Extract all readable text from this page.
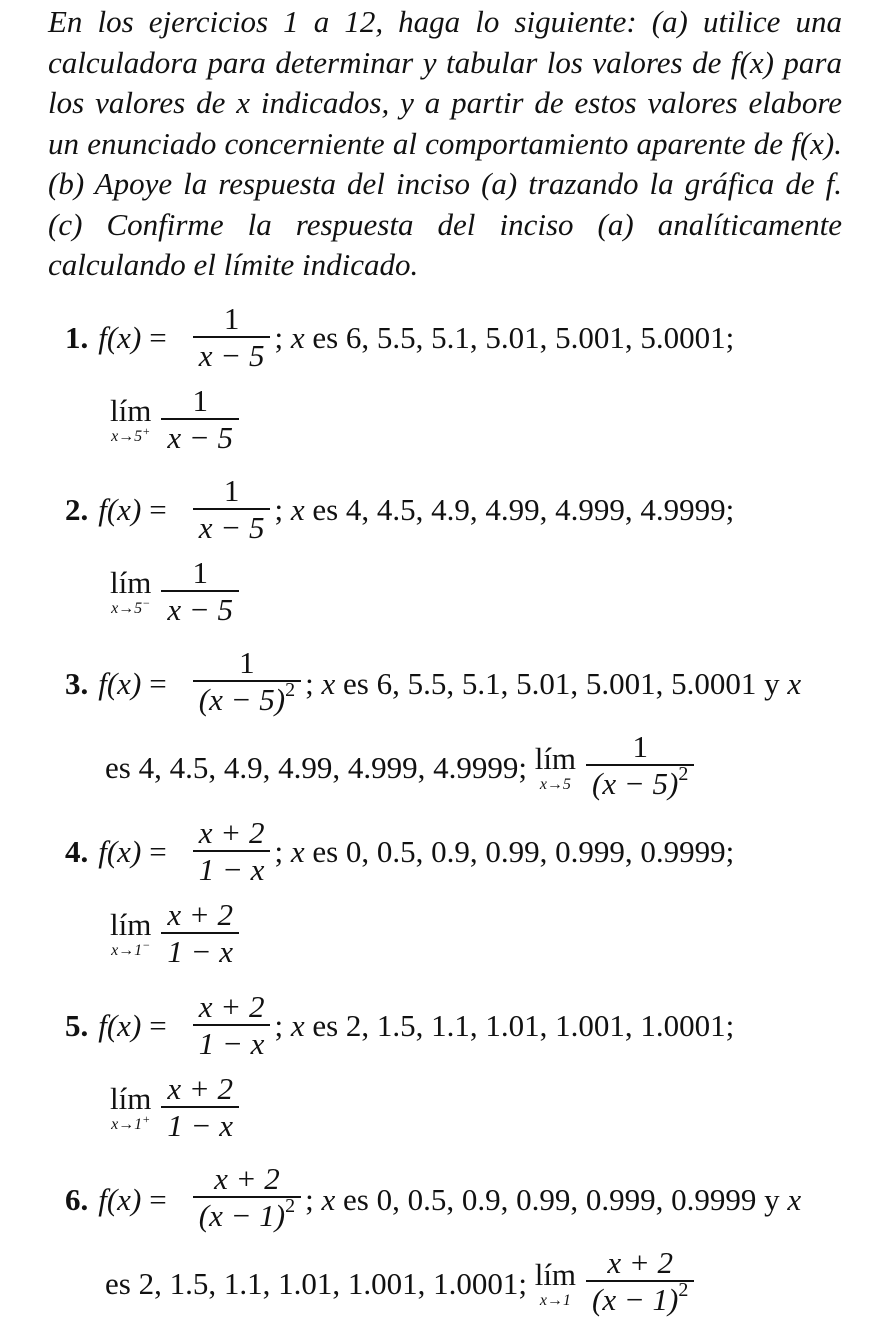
En los ejercicios 1 a 12, haga lo siguiente: (a) utilice una calculadora para determinar y tabular los valores de f(x) para los valores de x indicados, y a partir de estos valores elabore un enunciado concerniente al comportamiento aparente de f(x). (b) Apoye la respuesta del inciso (a) trazando la gráfica de f. (c) Confirme la respuesta del inciso (a) analíticamente calculando el límite indicado.
1. $f(x) = \frac{1}{x - 5}$ ; x
es
6, 5.5, 5.1, 5.01, 5.001, 5.0001;
lím
$x\to 5^+ \frac{1}{x - 5}$
2. $f(x) = \frac{1}{x - 5}$ ; x
es
4, 4.5, 4.9, 4.99, 4.999, 4.9999;
lím
$x\to 5^- \frac{1}{x - 5}$
3. $f(x) = \frac{1}{(x - 5)^2}$ ; x
es
6, 5.5, 5.1, 5.01, 5.001, 5.0001
y
x
es
4, 4.5, 4.9, 4.99, 4.999, 4.9999;
lím
$x\to 5 \frac{1}{(x - 5)^2}$
4. $f(x) = \frac{x + 2}{1 - x}$ ; x
es
0, 0.5, 0.9, 0.99, 0.999, 0.9999;
lím
$x\to 1^- \frac{x + 2}{1 - x}$
5. $f(x) = \frac{x + 2}{1 - x}$ ; x
es
2, 1.5, 1.1, 1.01, 1.001, 1.0001;
lím
$x\to 1^+ \frac{x + 2}{1 - x}$
6. $f(x) = \frac{x + 2}{(x - 1)^2}$ ; x
es
0, 0.5, 0.9, 0.99, 0.999, 0.9999
y
x
es
2, 1.5, 1.1, 1.01, 1.001, 1.0001;
lím
$x\to 1 \frac{x + 2}{(x - 1)^2}$
